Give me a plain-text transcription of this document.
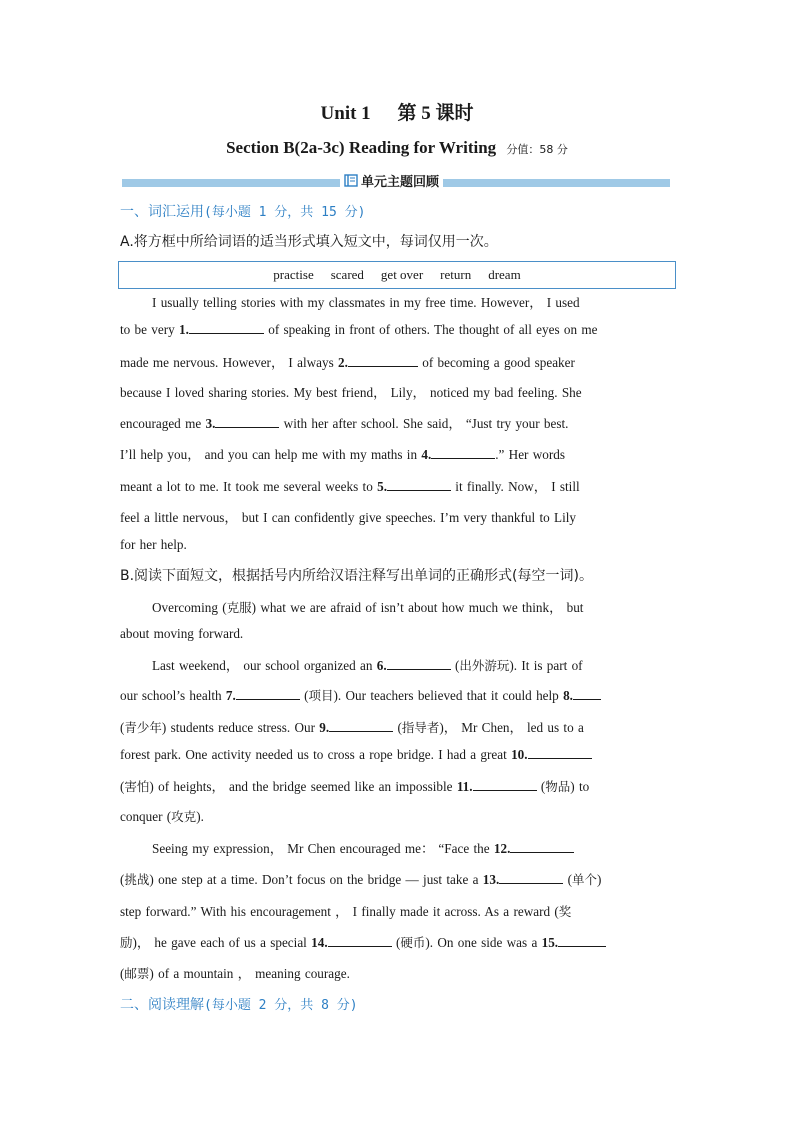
Unit 1 第 5 课时
Section B(2a-3c) Reading for Writing 分值：58 分
单元主题回顾
一、词汇运用(每小题 1 分，共 15 分)
A.将方框中所给词语的适当形式填入短文中，每词仅用一次。
practise scared get over return dream
I usually telling stories with my classmates in my free time. However， I used
to be very 1.	of speaking in front of others. The thought of all eyes on me
made me nervous. However， I always 2.	of becoming a good speaker
because I loved sharing stories. My best friend， Lily， noticed my bad feeling. She
encouraged me 3.	with her after school. She said， “Just try your best.
I’ll help you， and you can help me with my maths in 4.	.” Her words
meant a lot to me. It took me several weeks to 5.	it finally. Now， I still
feel a little nervous， but I can confidently give speeches. I’m very thankful to Lily
for her help.
B.阅读下面短文，根据括号内所给汉语注释写出单词的正确形式(每空一词)。
Overcoming (克服) what we are afraid of isn’t about how much we think， but
about moving forward.
Last weekend， our school organized an 6.	(出外游玩). It is part of
our school’s health 7.	(项目). Our teachers believed that it could help 8.
(青少年) students reduce stress. Our 9.	(指导者)， Mr Chen， led us to a
forest park. One activity needed us to cross a rope bridge. I had a great 10.
(害怕) of heights， and the bridge seemed like an impossible 11.	(物品) to
conquer (攻克).
Seeing my expression， Mr Chen encouraged me： “Face the 12.
(挑战) one step at a time. Don’t focus on the bridge — just take a 13.	(单个)
step forward.” With his encouragement ， I finally made it across. As a reward (奖
励)， he gave each of us a special 14.	(硬币). On one side was a 15.
(邮票) of a mountain ， meaning courage.
二、阅读理解(每小题 2 分，共 8 分)
